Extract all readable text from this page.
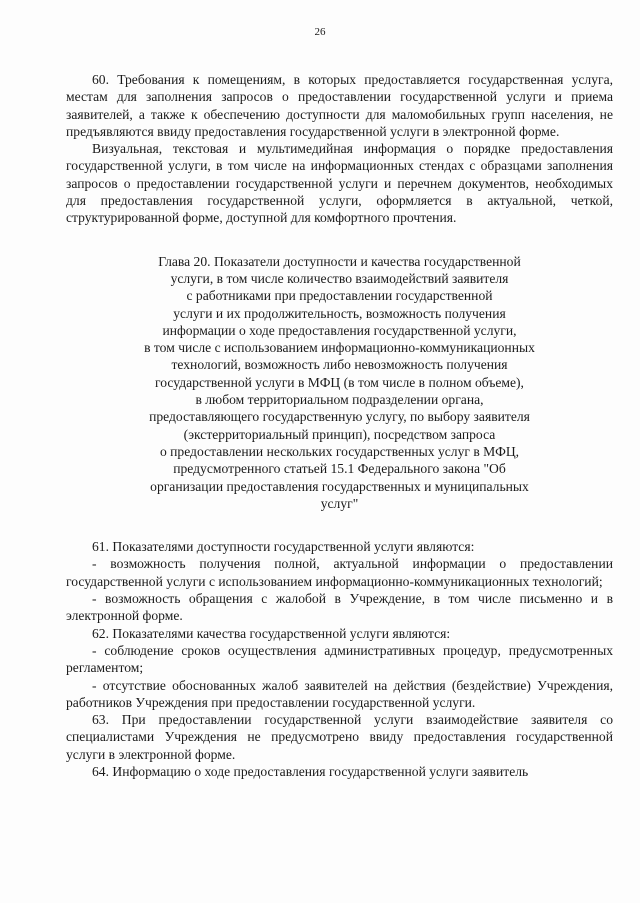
26

60. Требования к помещениям, в которых предоставляется государственная услуга, местам для заполнения запросов о предоставлении государственной услуги и приема заявителей, а также к обеспечению доступности для маломобильных групп населения, не предъявляются ввиду предоставления государственной услуги в электронной форме.

Визуальная, текстовая и мультимедийная информация о порядке предоставления государственной услуги, в том числе на информационных стендах с образцами заполнения запросов о предоставлении государственной услуги и перечнем документов, необходимых для предоставления государственной услуги, оформляется в актуальной, четкой, структурированной форме, доступной для комфортного прочтения.

Глава 20. Показатели доступности и качества государственной
услуги, в том числе количество взаимодействий заявителя
с работниками при предоставлении государственной
услуги и их продолжительность, возможность получения
информации о ходе предоставления государственной услуги,
в том числе с использованием информационно-коммуникационных
технологий, возможность либо невозможность получения
государственной услуги в МФЦ (в том числе в полном объеме),
в любом территориальном подразделении органа,
предоставляющего государственную услугу, по выбору заявителя
(экстерриториальный принцип), посредством запроса
о предоставлении нескольких государственных услуг в МФЦ,
предусмотренного статьей 15.1 Федерального закона "Об
организации предоставления государственных и муниципальных
услуг"

61. Показателями доступности государственной услуги являются:

- возможность получения полной, актуальной информации о предоставлении государственной услуги с использованием информационно-коммуникационных технологий;

- возможность обращения с жалобой в Учреждение, в том числе письменно и в электронной форме.

62. Показателями качества государственной услуги являются:

- соблюдение сроков осуществления административных процедур, предусмотренных регламентом;

- отсутствие обоснованных жалоб заявителей на действия (бездействие) Учреждения, работников Учреждения при предоставлении государственной услуги.

63. При предоставлении государственной услуги взаимодействие заявителя со специалистами Учреждения не предусмотрено ввиду предоставления государственной услуги в электронной форме.

64. Информацию о ходе предоставления государственной услуги заявитель
